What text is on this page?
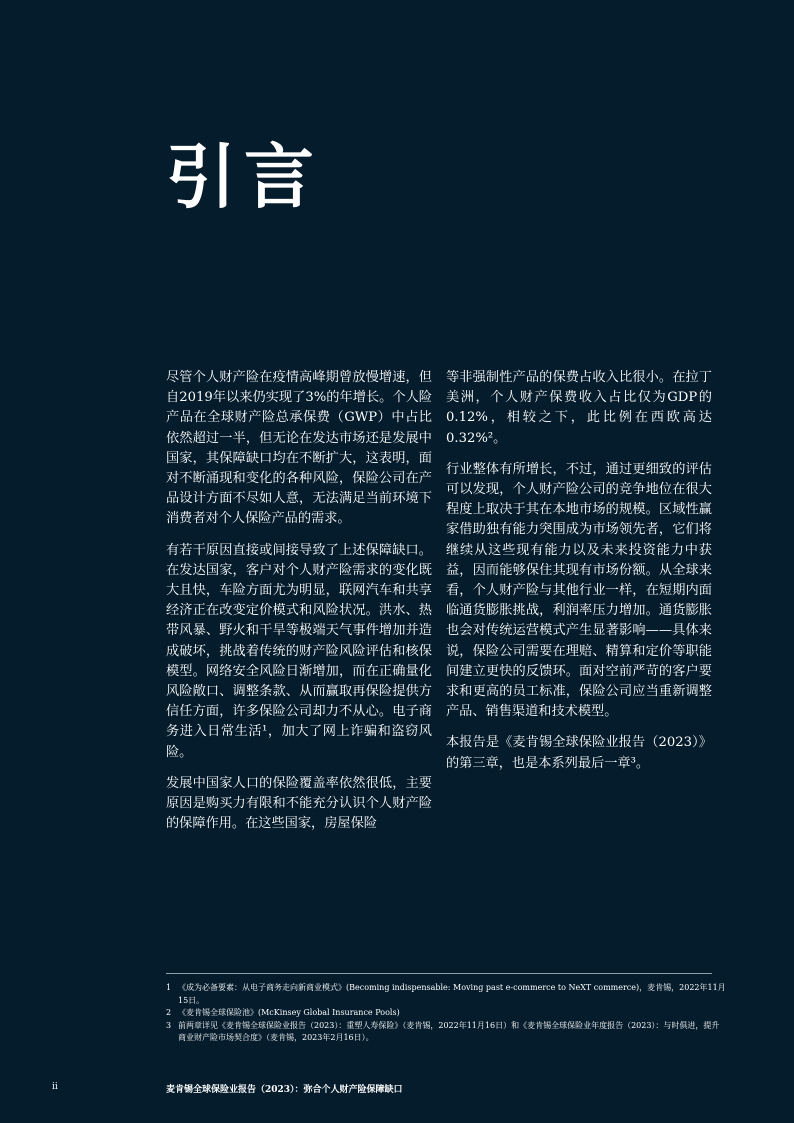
引言

尽管个人财产险在疫情高峰期曾放慢增速，但自2019年以来仍实现了3%的年增长。个人险产品在全球财产险总承保费（GWP）中占比依然超过一半，但无论在发达市场还是发展中国家，其保障缺口均在不断扩大，这表明，面对不断涌现和变化的各种风险，保险公司在产品设计方面不尽如人意，无法满足当前环境下消费者对个人保险产品的需求。

有若干原因直接或间接导致了上述保障缺口。在发达国家，客户对个人财产险需求的变化既大且快，车险方面尤为明显，联网汽车和共享经济正在改变定价模式和风险状况。洪水、热带风暴、野火和干旱等极端天气事件增加并造成破坏，挑战着传统的财产险风险评估和核保模型。网络安全风险日渐增加，而在正确量化风险敞口、调整条款、从而赢取再保险提供方信任方面，许多保险公司却力不从心。电子商务进入日常生活¹，加大了网上诈骗和盗窃风险。

发展中国家人口的保险覆盖率依然很低，主要原因是购买力有限和不能充分认识个人财产险的保障作用。在这些国家，房屋保险

等非强制性产品的保费占收入比很小。在拉丁美洲，个人财产保费收入占比仅为GDP的0.12%，相较之下，此比例在西欧高达0.32%²。

行业整体有所增长，不过，通过更细致的评估可以发现，个人财产险公司的竞争地位在很大程度上取决于其在本地市场的规模。区域性赢家借助独有能力突围成为市场领先者，它们将继续从这些现有能力以及未来投资能力中获益，因而能够保住其现有市场份额。从全球来看，个人财产险与其他行业一样，在短期内面临通货膨胀挑战，利润率压力增加。通货膨胀也会对传统运营模式产生显著影响——具体来说，保险公司需要在理赔、精算和定价等职能间建立更快的反馈环。面对空前严苛的客户要求和更高的员工标准，保险公司应当重新调整产品、销售渠道和技术模型。

本报告是《麦肯锡全球保险业报告（2023）》的第三章，也是本系列最后一章³。

1 《成为必备要素：从电子商务走向新商业模式》(Becoming indispensable: Moving past e-commerce to NeXT commerce)，麦肯锡，2022年11月15日。
2 《麦肯锡全球保险池》(McKinsey Global Insurance Pools)
3 前两章详见《麦肯锡全球保险业报告（2023）：重塑人寿保险》（麦肯锡，2022年11月16日）和《麦肯锡全球保险业年度报告（2023）：与时俱进，提升商业财产险市场契合度》（麦肯锡，2023年2月16日）。
ii	麦肯锡全球保险业报告（2023）：弥合个人财产险保障缺口
